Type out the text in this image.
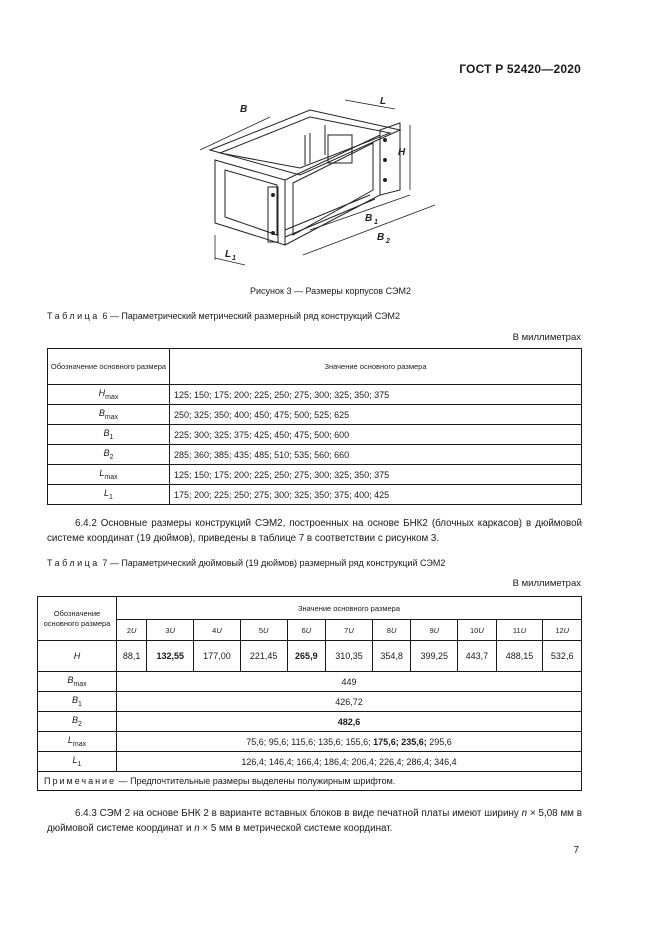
ГОСТ Р 52420—2020
B
L
H
B 1
B 2
L 1
Рисунок 3 — Размеры корпусов СЭМ2
Таблица 6 — Параметрический метрический размерный ряд конструкций СЭМ2
В миллиметрах
Обозначение основного размера	Значение основного размера
$H_{max}$	125; 150; 175; 200; 225; 250; 275; 300; 325; 350; 375
$B_{max}$	250; 325; 350; 400; 450; 475; 500; 525; 625
$B_1$	225; 300; 325; 375; 425; 450; 475; 500; 600
$B_2$	285; 360; 385; 435; 485; 510; 535; 560; 660
$L_{max}$	125; 150; 175; 200; 225; 250; 275; 300; 325; 350; 375
$L_1$	175; 200; 225; 250; 275; 300; 325; 350; 375; 400; 425
6.4.2 Основные размеры конструкций СЭМ2, построенных на основе БНК2 (блочных каркасов) в дюймовой системе координат (19 дюймов), приведены в таблице 7 в соответствии с рисунком 3.
Таблица 7 — Параметрический дюймовый (19 дюймов) размерный ряд конструкций СЭМ2
В миллиметрах
Обозначение основного размера	Значение основного размера										
	2U	3U	4U	5U	6U	7U	8U	9U	10U	11U	12U
H	88,1	132,55	177,00	221,45	265,9	310,35	354,8	399,25	443,7	488,15	532,6
$B_{max}$	449										
$B_1$	426,72										
$B_2$	482,6										
$L_{max}$	75,6; 95,6; 115,6; 135,6; 155,6; 175,6; 235,6; 295,6										
$L_1$	126,4; 146,4; 166,4; 186,4; 206,4; 226,4; 286,4; 346,4										
Примечание — Предпочтительные размеры выделены полужирным шрифтом.											
6.4.3 СЭМ 2 на основе БНК 2 в варианте вставных блоков в виде печатной платы имеют ширину n × 5,08 мм в дюймовой системе координат и n × 5 мм в метрической системе координат.
7
